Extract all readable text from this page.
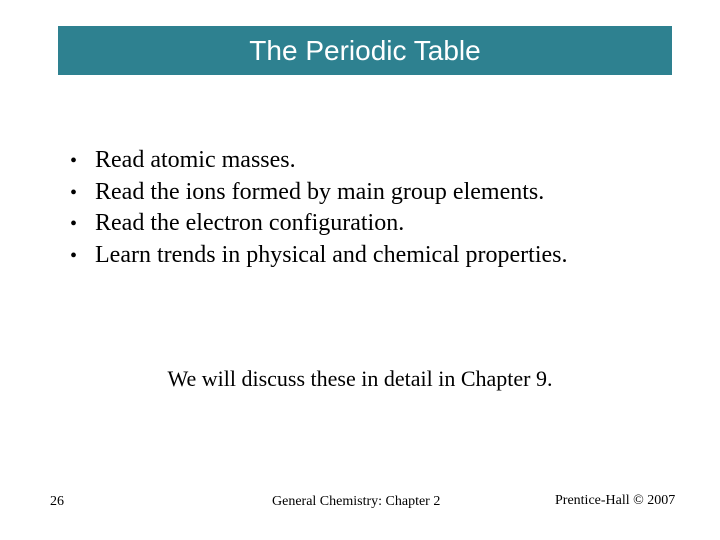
The Periodic Table
• Read atomic masses.
• Read the ions formed by main group elements.
• Read the electron configuration.
• Learn trends in physical and chemical properties.
We will discuss these in detail in Chapter 9.
26	General Chemistry: Chapter 2	Prentice-Hall © 2007
